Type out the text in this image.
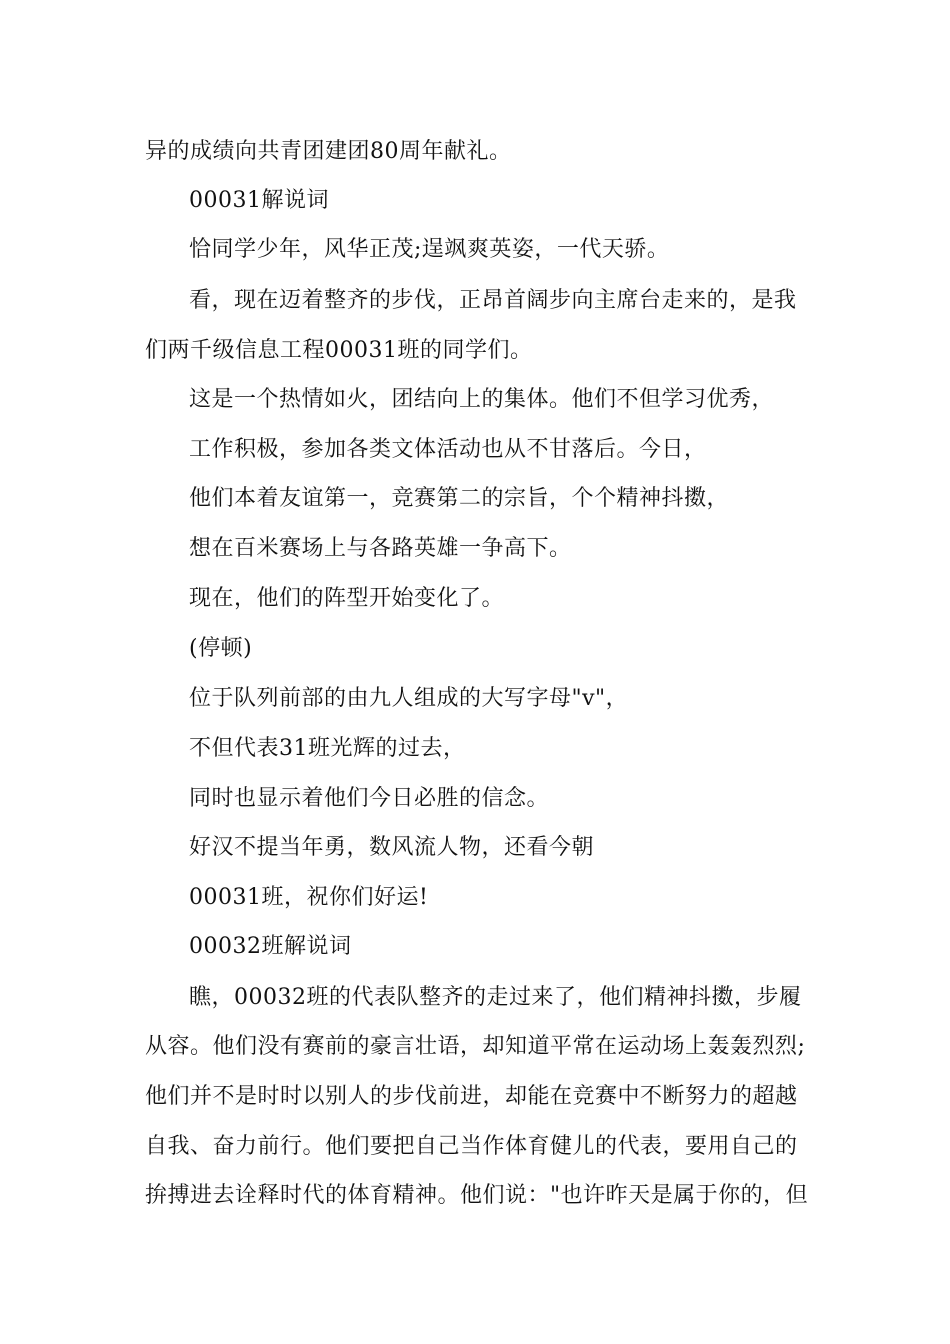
异的成绩向共青团建团80周年献礼。
00031解说词
恰同学少年，风华正茂;逞飒爽英姿，一代天骄。
看，现在迈着整齐的步伐，正昂首阔步向主席台走来的，是我
们两千级信息工程00031班的同学们。
这是一个热情如火，团结向上的集体。他们不但学习优秀，
工作积极，参加各类文体活动也从不甘落后。今日，
他们本着友谊第一，竞赛第二的宗旨，个个精神抖擞，
想在百米赛场上与各路英雄一争高下。
现在，他们的阵型开始变化了。
(停顿)
位于队列前部的由九人组成的大写字母"v"，
不但代表31班光辉的过去，
同时也显示着他们今日必胜的信念。
好汉不提当年勇，数风流人物，还看今朝
00031班，祝你们好运!
00032班解说词
瞧，00032班的代表队整齐的走过来了，他们精神抖擞，步履
从容。他们没有赛前的豪言壮语，却知道平常在运动场上轰轰烈烈;
他们并不是时时以别人的步伐前进，却能在竞赛中不断努力的超越
自我、奋力前行。他们要把自己当作体育健儿的代表，要用自己的
拚搏进去诠释时代的体育精神。他们说："也许昨天是属于你的，但
